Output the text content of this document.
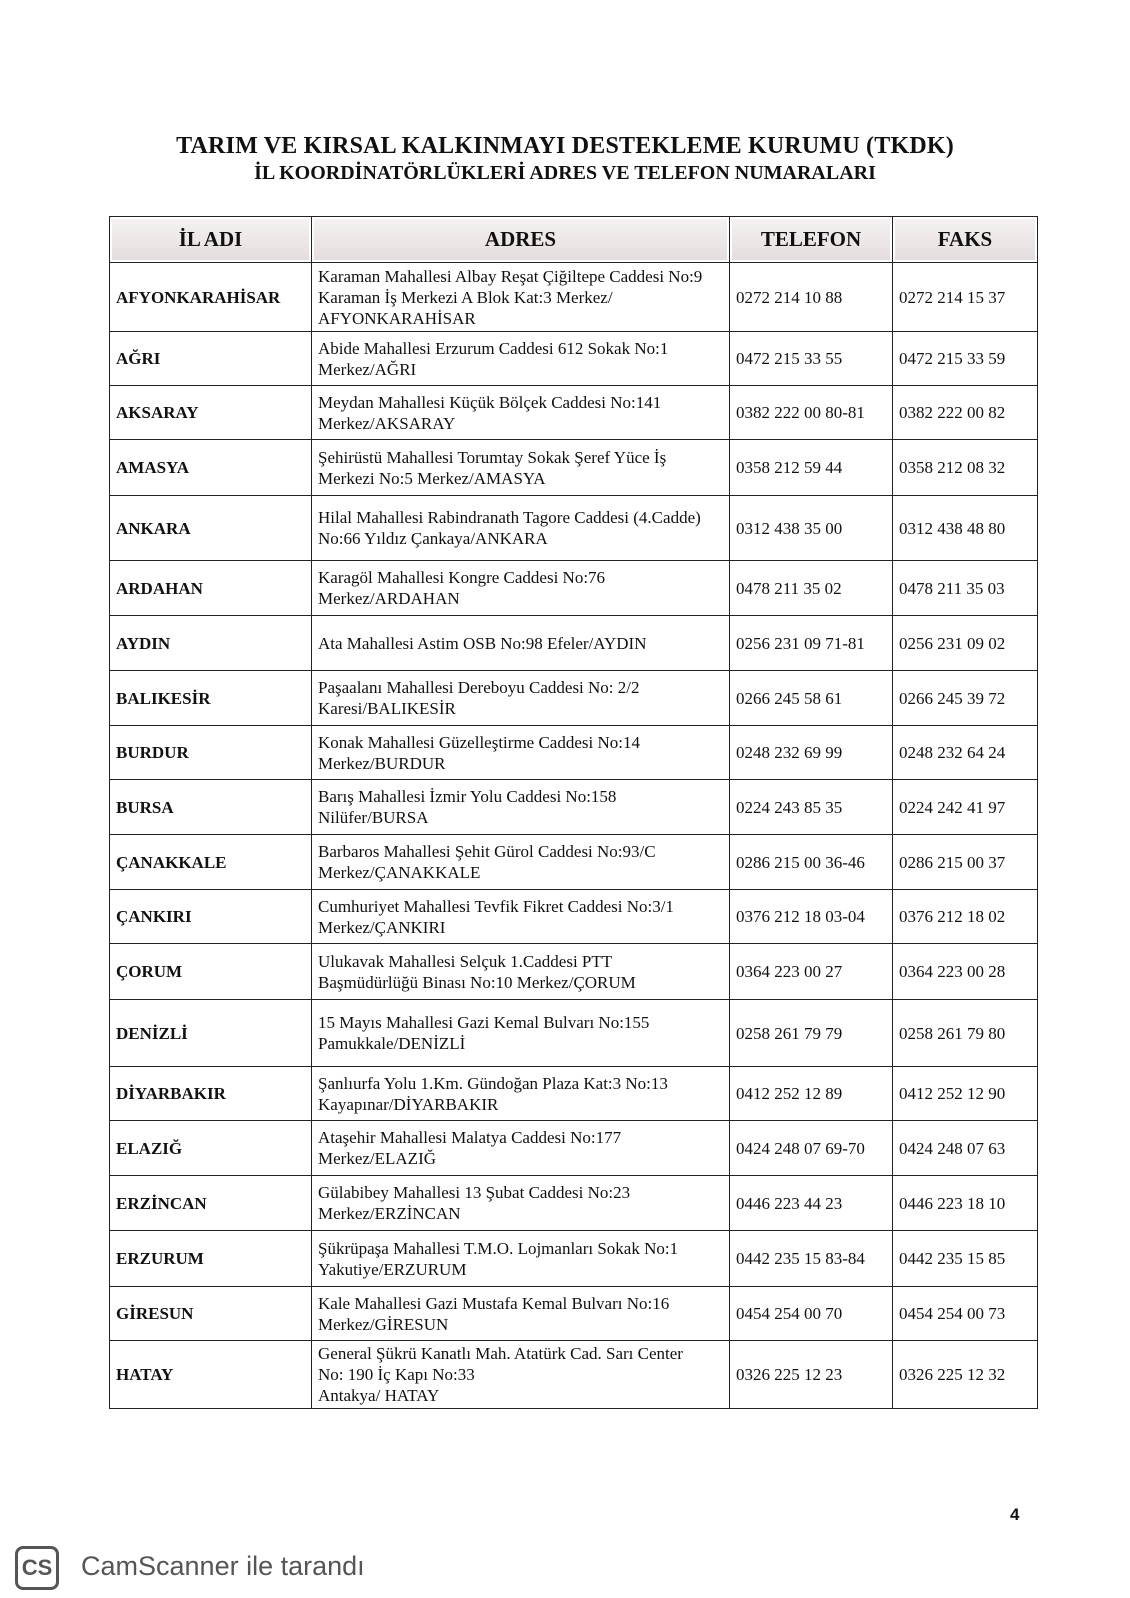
TARIM VE KIRSAL KALKINMAYI DESTEKLEME KURUMU (TKDK)
İL KOORDİNATÖRLÜKLERİ ADRES VE TELEFON NUMARALARI
İL ADI	ADRES	TELEFON	FAKS
AFYONKARAHİSAR	Karaman Mahallesi Albay Reşat Çiğiltepe Caddesi No:9
Karaman İş Merkezi A Blok Kat:3 Merkez/
AFYONKARAHİSAR	0272 214 10 88	0272 214 15 37
AĞRI	Abide Mahallesi Erzurum Caddesi 612 Sokak No:1
Merkez/AĞRI	0472 215 33 55	0472 215 33 59
AKSARAY	Meydan Mahallesi Küçük Bölçek Caddesi No:141
Merkez/AKSARAY	0382 222 00 80-81	0382 222 00 82
AMASYA	Şehirüstü Mahallesi Torumtay Sokak Şeref Yüce İş
Merkezi No:5 Merkez/AMASYA	0358 212 59 44	0358 212 08 32
ANKARA	Hilal Mahallesi Rabindranath Tagore Caddesi (4.Cadde)
No:66 Yıldız Çankaya/ANKARA	0312 438 35 00	0312 438 48 80
ARDAHAN	Karagöl Mahallesi Kongre Caddesi No:76
Merkez/ARDAHAN	0478 211 35 02	0478 211 35 03
AYDIN	Ata Mahallesi Astim OSB No:98 Efeler/AYDIN	0256 231 09 71-81	0256 231 09 02
BALIKESİR	Paşaalanı Mahallesi Dereboyu Caddesi No: 2/2
Karesi/BALIKESİR	0266 245 58 61	0266 245 39 72
BURDUR	Konak Mahallesi Güzelleştirme Caddesi No:14
Merkez/BURDUR	0248 232 69 99	0248 232 64 24
BURSA	Barış Mahallesi İzmir Yolu Caddesi No:158
Nilüfer/BURSA	0224 243 85 35	0224 242 41 97
ÇANAKKALE	Barbaros Mahallesi Şehit Gürol Caddesi No:93/C
Merkez/ÇANAKKALE	0286 215 00 36-46	0286 215 00 37
ÇANKIRI	Cumhuriyet Mahallesi Tevfik Fikret Caddesi No:3/1
Merkez/ÇANKIRI	0376 212 18 03-04	0376 212 18 02
ÇORUM	Ulukavak Mahallesi Selçuk 1.Caddesi PTT
Başmüdürlüğü Binası No:10 Merkez/ÇORUM	0364 223 00 27	0364 223 00 28
DENİZLİ	15 Mayıs Mahallesi Gazi Kemal Bulvarı No:155
Pamukkale/DENİZLİ	0258 261 79 79	0258 261 79 80
DİYARBAKIR	Şanlıurfa Yolu 1.Km. Gündoğan Plaza Kat:3 No:13
Kayapınar/DİYARBAKIR	0412 252 12 89	0412 252 12 90
ELAZIĞ	Ataşehir Mahallesi Malatya Caddesi No:177
Merkez/ELAZIĞ	0424 248 07 69-70	0424 248 07 63
ERZİNCAN	Gülabibey Mahallesi 13 Şubat Caddesi No:23
Merkez/ERZİNCAN	0446 223 44 23	0446 223 18 10
ERZURUM	Şükrüpaşa Mahallesi T.M.O. Lojmanları Sokak No:1
Yakutiye/ERZURUM	0442 235 15 83-84	0442 235 15 85
GİRESUN	Kale Mahallesi Gazi Mustafa Kemal Bulvarı No:16
Merkez/GİRESUN	0454 254 00 70	0454 254 00 73
HATAY	General Şükrü Kanatlı Mah. Atatürk Cad. Sarı Center
No: 190 İç Kapı No:33
Antakya/ HATAY	0326 225 12 23	0326 225 12 32
4
CS CamScanner ile tarandı
